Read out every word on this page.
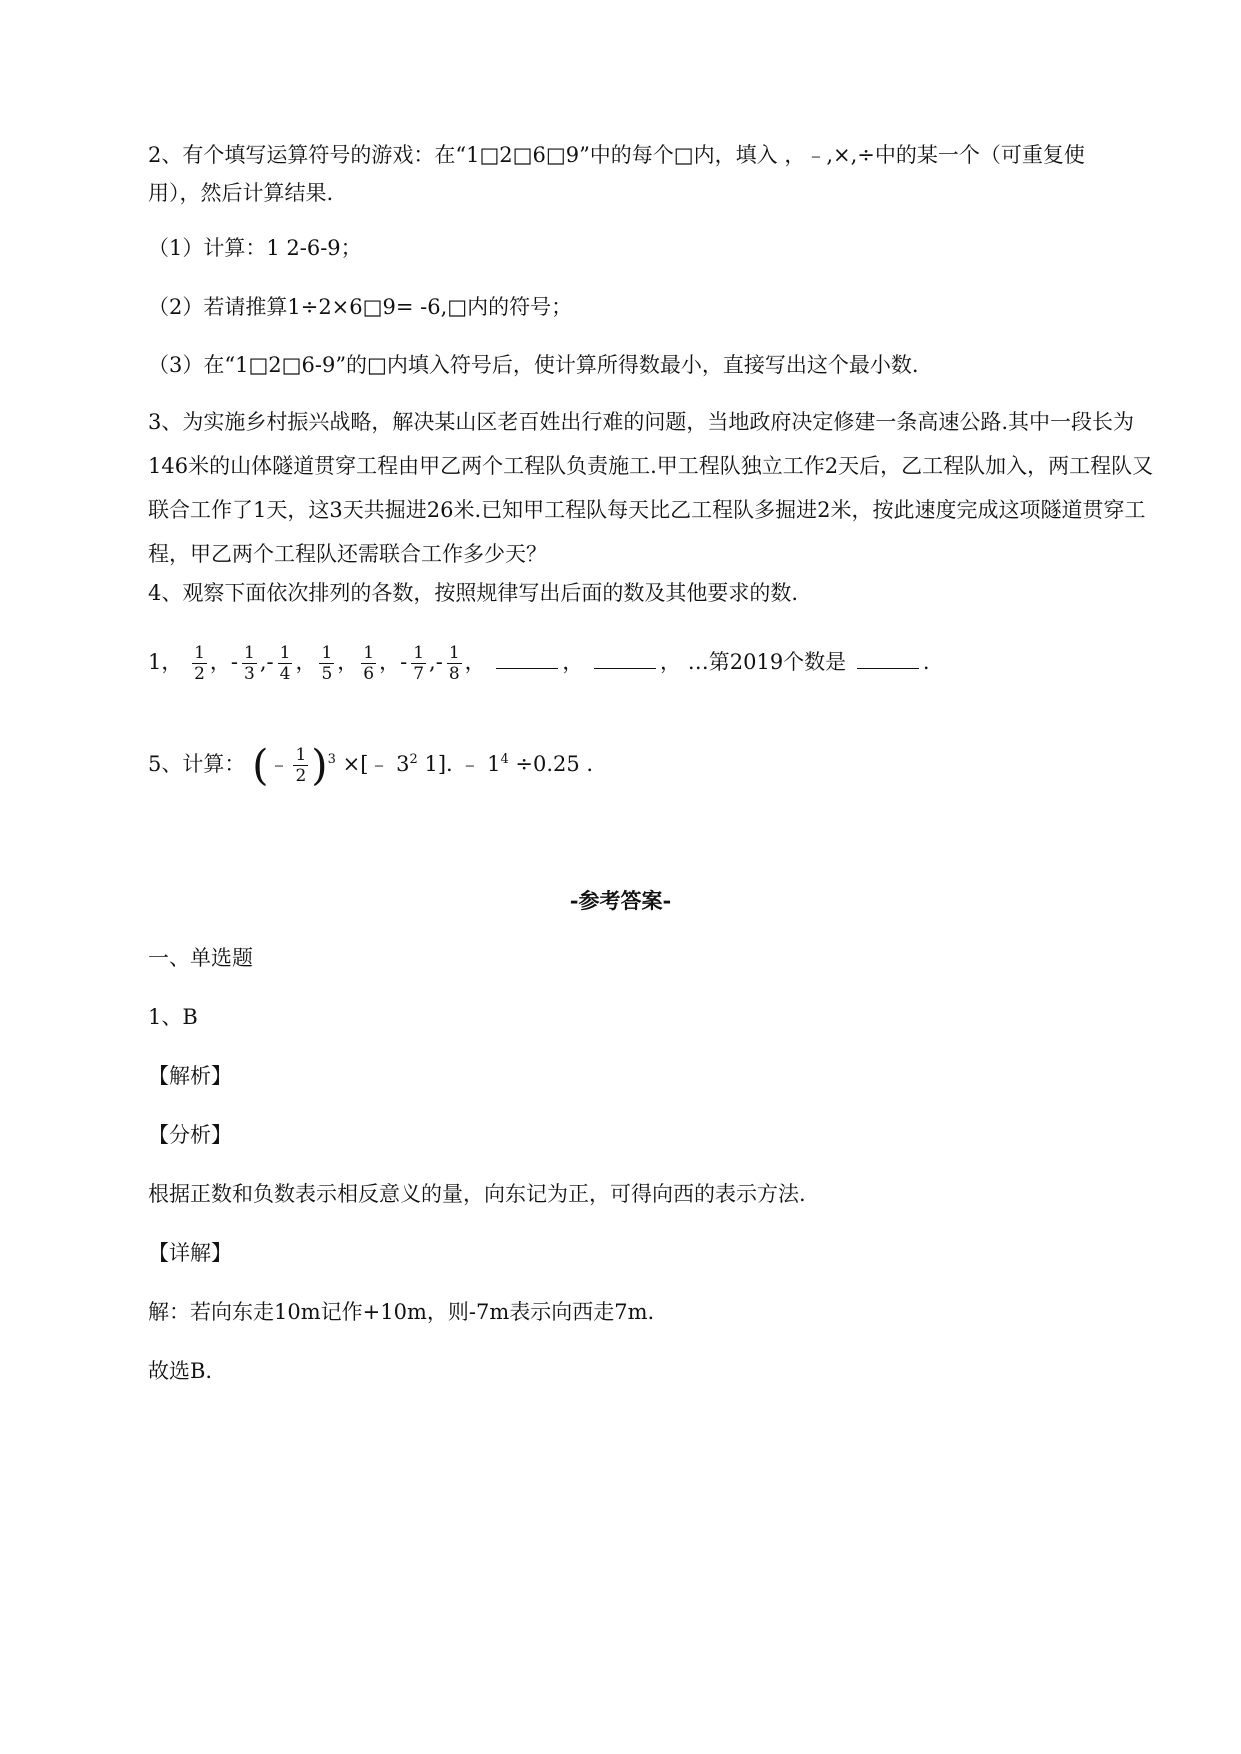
2、有个填写运算符号的游戏：在“1□2□6□9”中的每个□内，填入 ，﹣,×,÷中的某一个（可重复使
用），然后计算结果.
（1）计算：1 2-6-9；
（2）若请推算1÷2×6□9= -6,□内的符号；
（3）在“1□2□6-9”的□内填入符号后，使计算所得数最小，直接写出这个最小数.
3、为实施乡村振兴战略，解决某山区老百姓出行难的问题，当地政府决定修建一条高速公路.其中一段长为146米的山体隧道贯穿工程由甲乙两个工程队负责施工.甲工程队独立工作2天后，乙工程队加入，两工程队又联合工作了1天，这3天共掘进26米.已知甲工程队每天比乙工程队多掘进2米，按此速度完成这项隧道贯穿工程，甲乙两个工程队还需联合工作多少天？
4、观察下面依次排列的各数，按照规律写出后面的数及其他要求的数.
1， $\frac{1}{2}$ ，- $\frac{1}{3}$ ,- $\frac{1}{4}$ ， $\frac{1}{5}$ ， $\frac{1}{6}$ ，- $\frac{1}{7}$ ,- $\frac{1}{8}$ ，	，	， …第2019个数是	.
5、计算： (﹣ $\frac{1}{2} )^3$ ×[﹣ $3^2$ 1]. ﹣ $1^4 \div 0.25$ .
-参考答案-
一、单选题
1、B
【解析】
【分析】
根据正数和负数表示相反意义的量，向东记为正，可得向西的表示方法.
【详解】
解：若向东走10m记作+10m，则-7m表示向西走7m.
故选B.
